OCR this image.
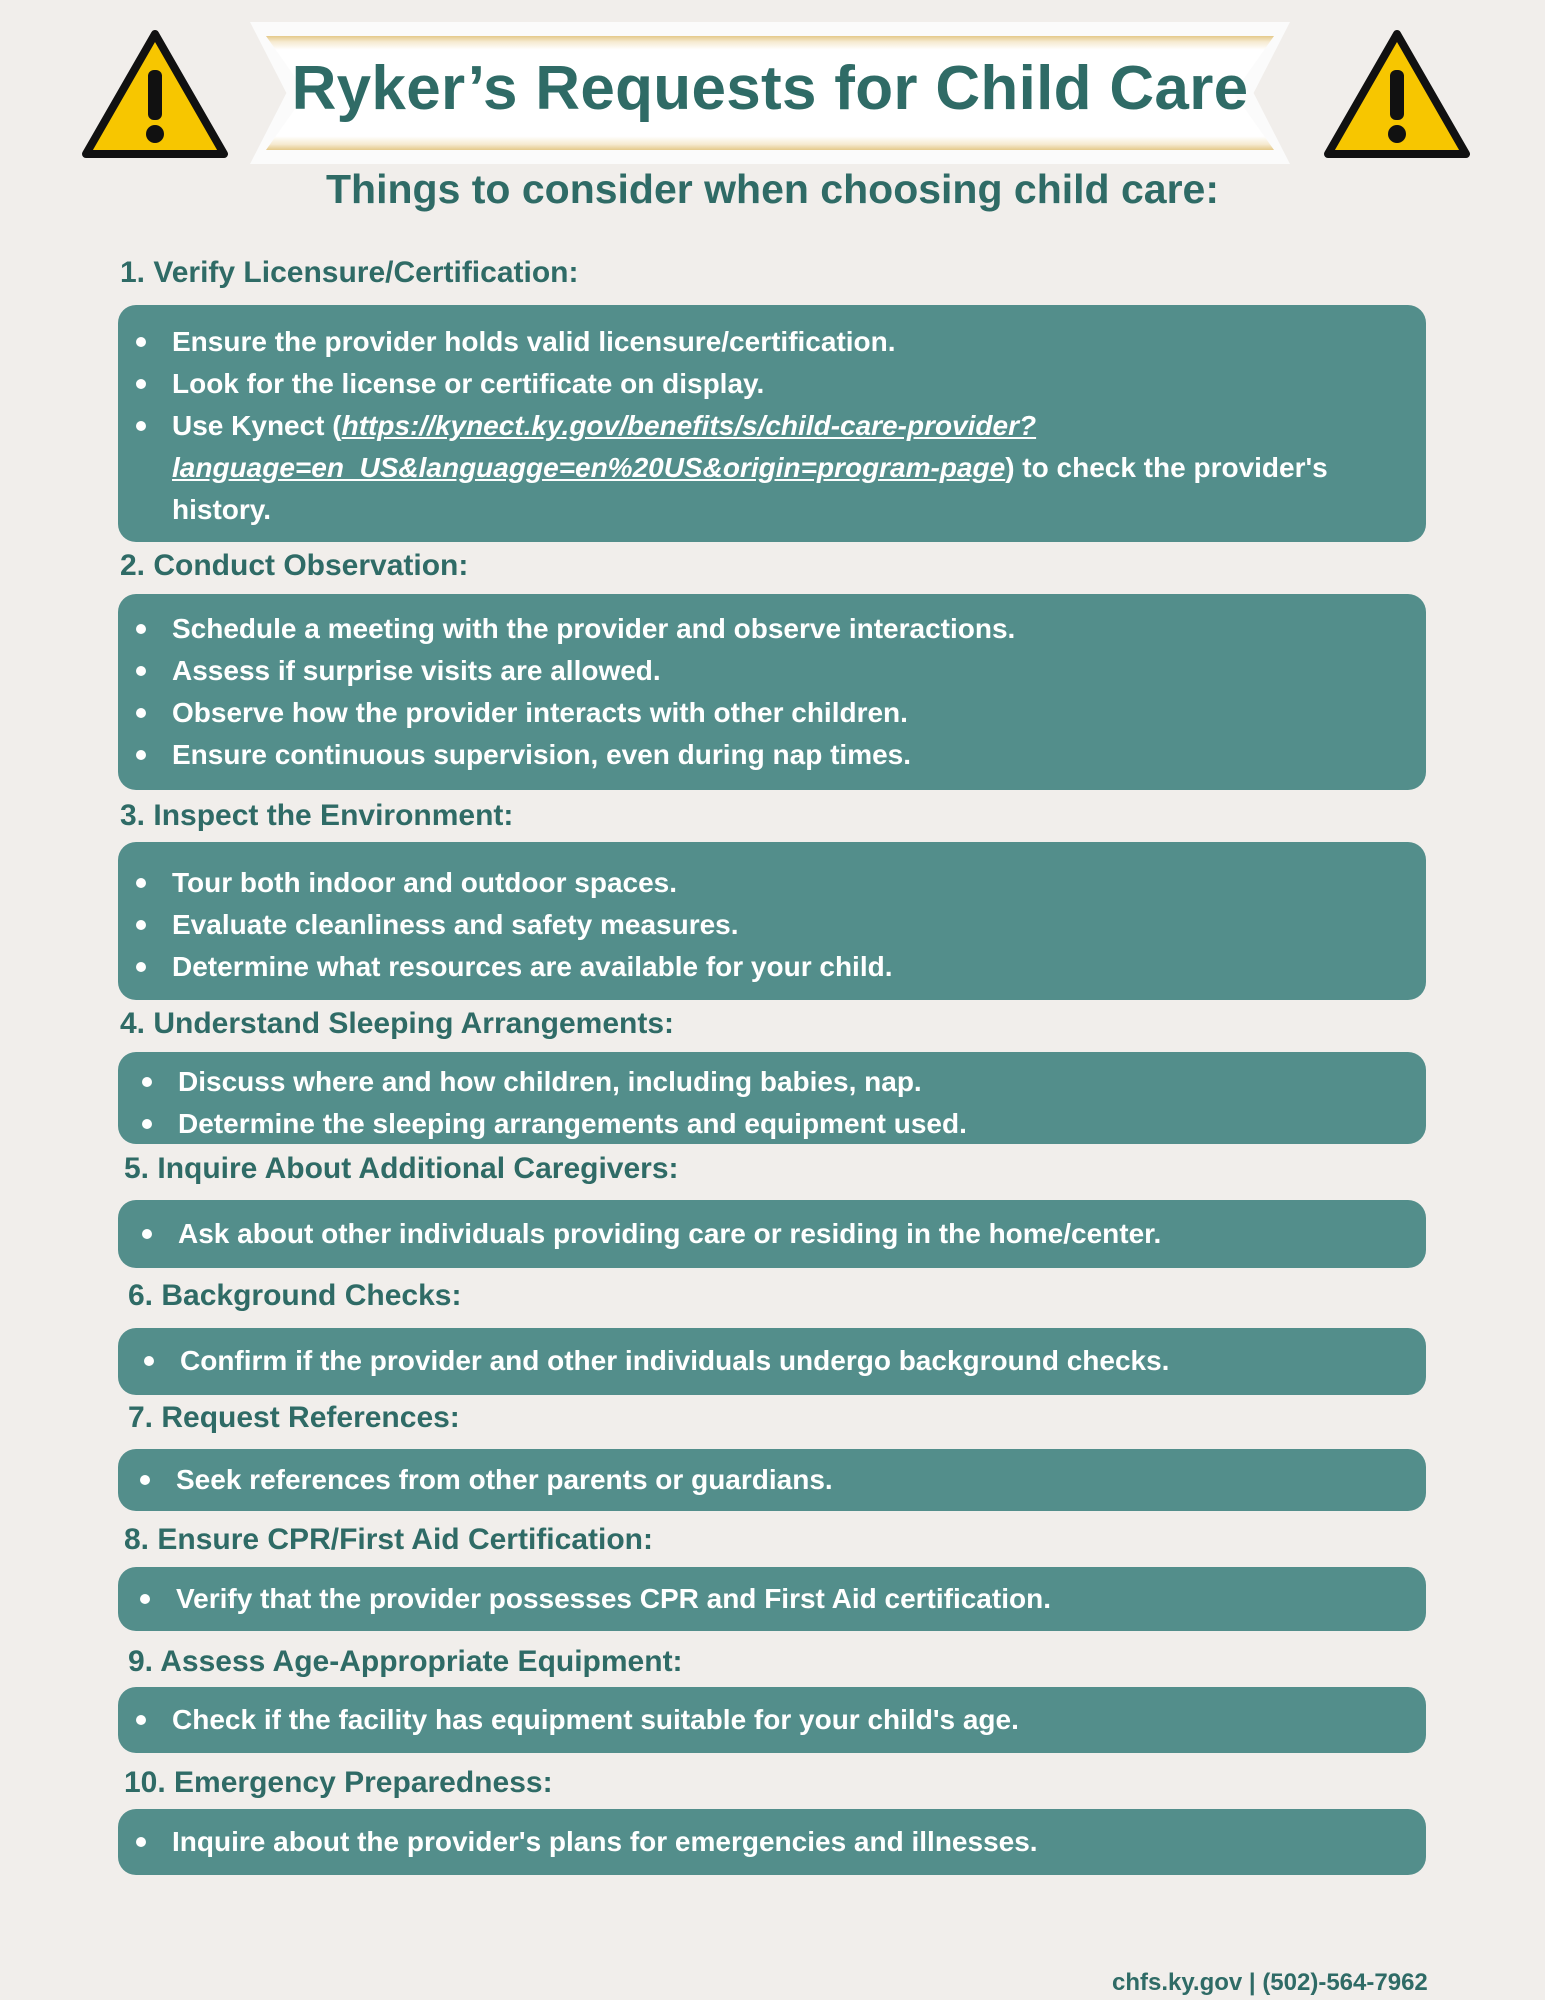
Ryker’s Requests for Child Care
Things to consider when choosing child care:
1. Verify Licensure/Certification:
Ensure the provider holds valid licensure/certification.
Look for the license or certificate on display.
Use Kynect (https://kynect.ky.gov/benefits/s/child-care-provider?language=en_US&languagge=en%20US&origin=program-page) to check the provider's history.
2. Conduct Observation:
Schedule a meeting with the provider and observe interactions.
Assess if surprise visits are allowed.
Observe how the provider interacts with other children.
Ensure continuous supervision, even during nap times.
3. Inspect the Environment:
Tour both indoor and outdoor spaces.
Evaluate cleanliness and safety measures.
Determine what resources are available for your child.
4. Understand Sleeping Arrangements:
Discuss where and how children, including babies, nap.
Determine the sleeping arrangements and equipment used.
5. Inquire About Additional Caregivers:
Ask about other individuals providing care or residing in the home/center.
6. Background Checks:
Confirm if the provider and other individuals undergo background checks.
7. Request References:
Seek references from other parents or guardians.
8. Ensure CPR/First Aid Certification:
Verify that the provider possesses CPR and First Aid certification.
9. Assess Age-Appropriate Equipment:
Check if the facility has equipment suitable for your child's age.
10. Emergency Preparedness:
Inquire about the provider's plans for emergencies and illnesses.
chfs.ky.gov | (502)-564-7962
